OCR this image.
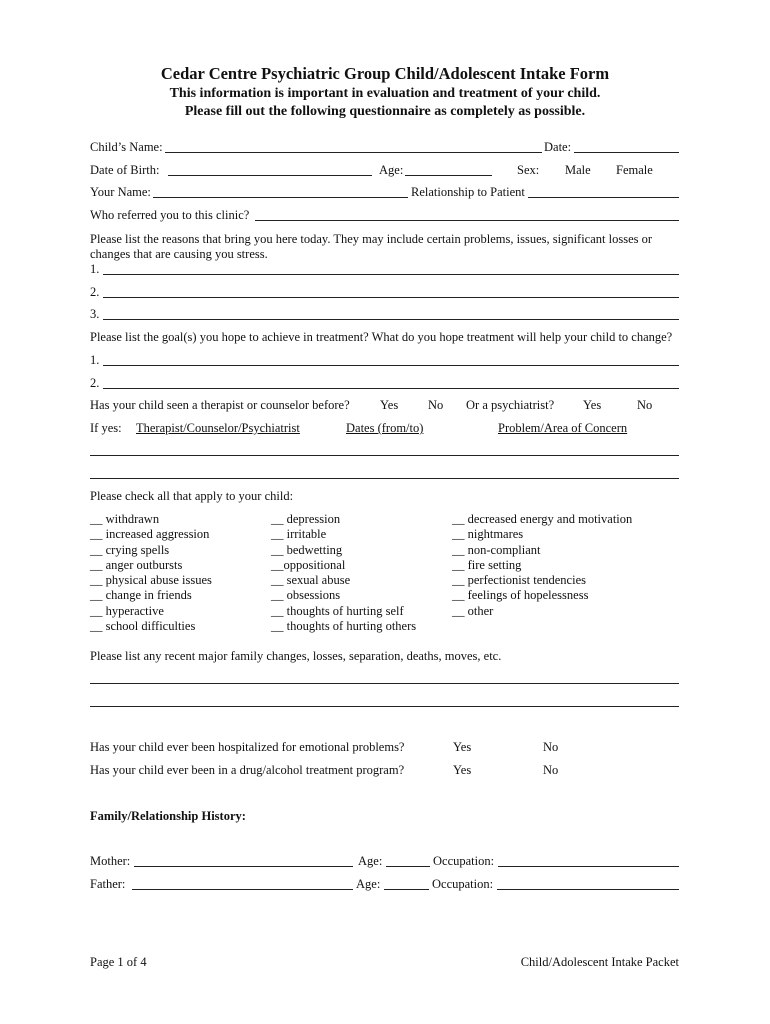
Cedar Centre Psychiatric Group Child/Adolescent Intake Form
This information is important in evaluation and treatment of your child.
Please fill out the following questionnaire as completely as possible.
Child’s Name:	Date:
Date of Birth:	Age:	Sex: Male Female
Your Name:	Relationship to Patient
Who referred you to this clinic?
Please list the reasons that bring you here today. They may include certain problems, issues, significant losses or
changes that are causing you stress.
1.
2.
3.
Please list the goal(s) you hope to achieve in treatment? What do you hope treatment will help your child to change?
1.
2.
Has your child seen a therapist or counselor before? Yes No Or a psychiatrist? Yes	No
If yes: Therapist/Counselor/Psychiatrist	Dates (from/to)	Problem/Area of Concern
Please check all that apply to your child:
__ withdrawn
__ increased aggression
__ crying spells
__ anger outbursts
__ physical abuse issues
__ change in friends
__ hyperactive
__ school difficulties
__ depression
__ irritable
__ bedwetting
__oppositional
__ sexual abuse
__ obsessions
__ thoughts of hurting self
__ thoughts of hurting others
__ decreased energy and motivation
__ nightmares
__ non-compliant
__ fire setting
__ perfectionist tendencies
__ feelings of hopelessness
__ other
Please list any recent major family changes, losses, separation, deaths, moves, etc.
Has your child ever been hospitalized for emotional problems?	Yes	No
Has your child ever been in a drug/alcohol treatment program?	Yes	No
Family/Relationship History:
Mother:	Age:	Occupation:
Father:	Age:	Occupation:
Page 1 of 4	Child/Adolescent Intake Packet
